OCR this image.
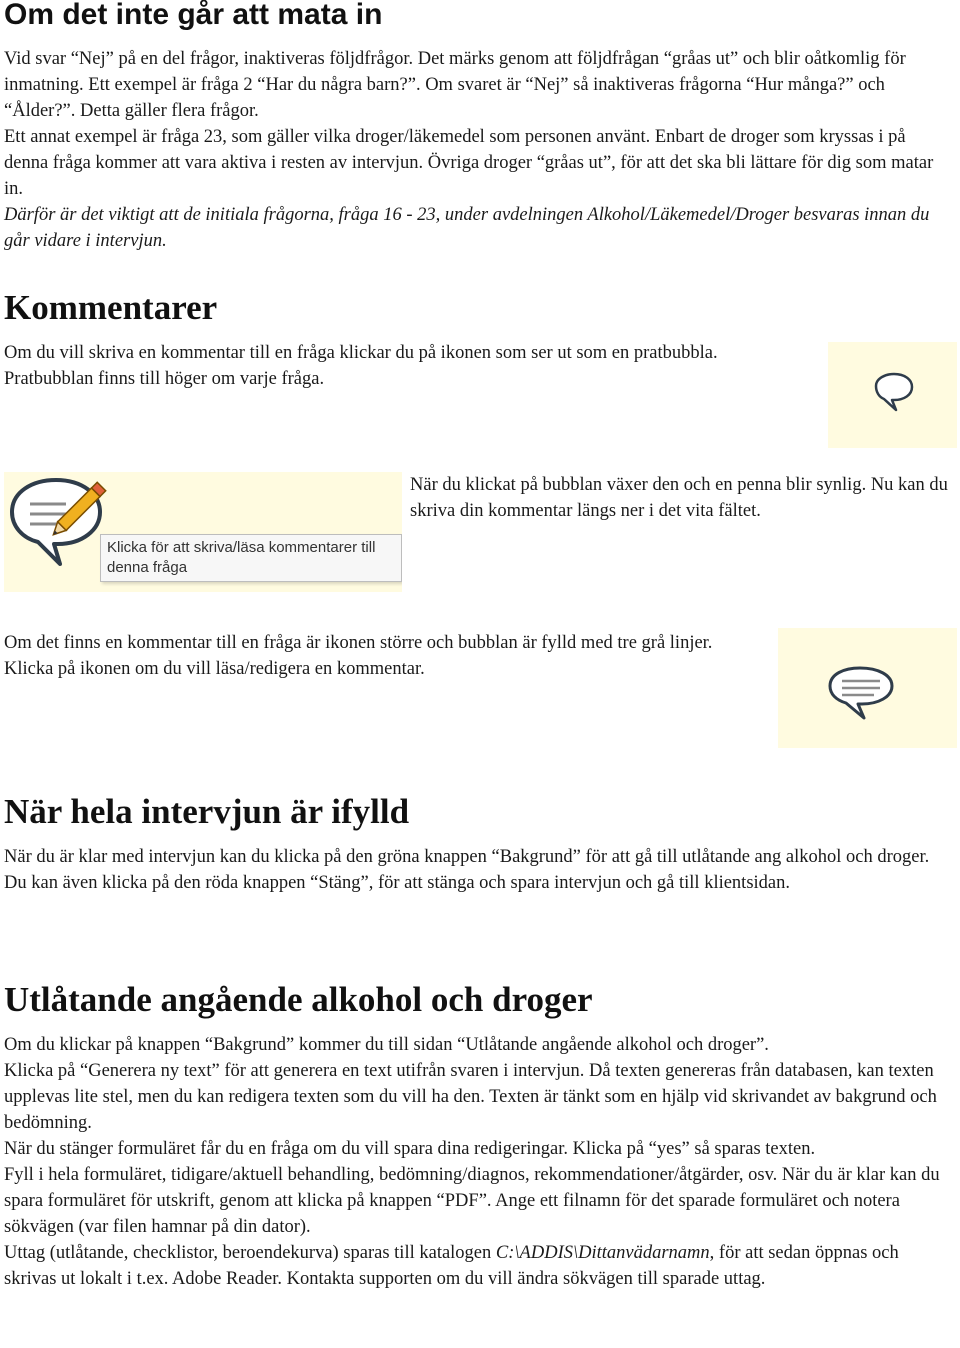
Om det inte går att mata in

Vid svar “Nej” på en del frågor, inaktiveras följdfrågor. Det märks genom att följdfrågan “gråas ut” och blir oåtkomlig för inmatning. Ett exempel är fråga 2 “Har du några barn?”. Om svaret är “Nej” så inaktiveras frågorna “Hur många?” och “Ålder?”. Detta gäller flera frågor.

Ett annat exempel är fråga 23, som gäller vilka droger/läkemedel som personen använt. Enbart de droger som kryssas i på denna fråga kommer att vara aktiva i resten av intervjun. Övriga droger “gråas ut”, för att det ska bli lättare för dig som matar in.

Därför är det viktigt att de initiala frågorna, fråga 16 - 23, under avdelningen Alkohol/Läkemedel/Droger besvaras innan du går vidare i intervjun.

Kommentarer

Om du vill skriva en kommentar till en fråga klickar du på ikonen som ser ut som en pratbubbla. Pratbubblan finns till höger om varje fråga.

Klicka för att skriva/läsa kommentarer till denna fråga

När du klickat på bubblan växer den och en penna blir synlig. Nu kan du skriva din kommentar längs ner i det vita fältet.

Om det finns en kommentar till en fråga är ikonen större och bubblan är fylld med tre grå linjer. Klicka på ikonen om du vill läsa/redigera en kommentar.

När hela intervjun är ifylld

När du är klar med intervjun kan du klicka på den gröna knappen “Bakgrund” för att gå till utlåtande ang alkohol och droger. Du kan även klicka på den röda knappen “Stäng”, för att stänga och spara intervjun och gå till klientsidan.

Utlåtande angående alkohol och droger

Om du klickar på knappen “Bakgrund” kommer du till sidan “Utlåtande angående alkohol och droger”.

Klicka på “Generera ny text” för att generera en text utifrån svaren i intervjun. Då texten genereras från databasen, kan texten upplevas lite stel, men du kan redigera texten som du vill ha den. Texten är tänkt som en hjälp vid skrivandet av bakgrund och bedömning.

När du stänger formuläret får du en fråga om du vill spara dina redigeringar. Klicka på “yes” så sparas texten.

Fyll i hela formuläret, tidigare/aktuell behandling, bedömning/diagnos, rekommendationer/åtgärder, osv. När du är klar kan du spara formuläret för utskrift, genom att klicka på knappen “PDF”. Ange ett filnamn för det sparade formuläret och notera sökvägen (var filen hamnar på din dator).

Uttag (utlåtande, checklistor, beroendekurva) sparas till katalogen C:\ADDIS\Dittanvädarnamn, för att sedan öppnas och skrivas ut lokalt i t.ex. Adobe Reader. Kontakta supporten om du vill ändra sökvägen till sparade uttag.
